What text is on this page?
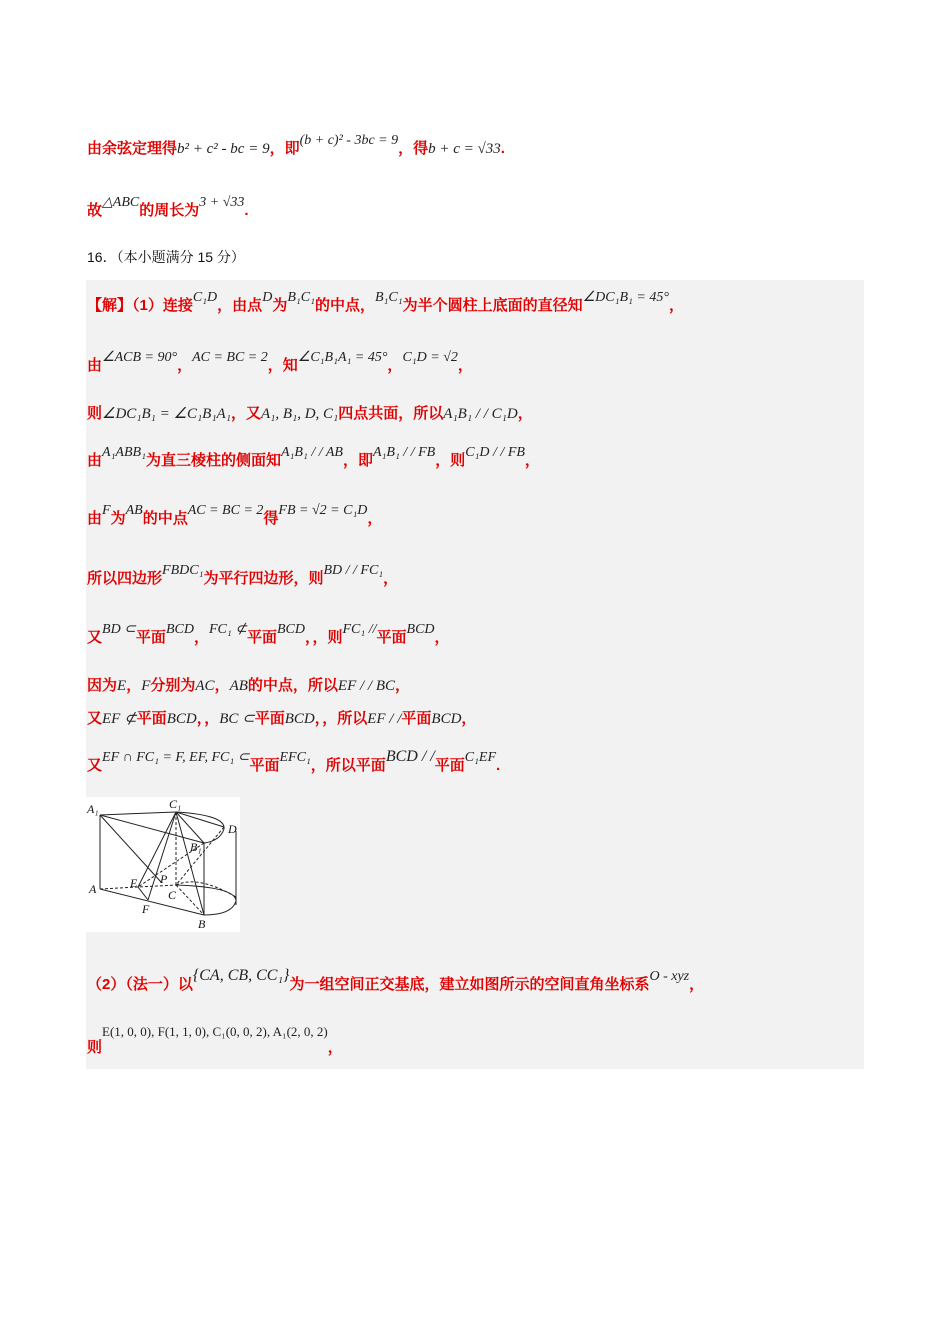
由余弦定理得b² + c² - bc = 9，即(b + c)² - 3bc = 9，得b + c = √33.
故△ABC的周长为3 + √33.
16．（本小题满分 15 分）
【解】（1）连接C₁D，由点D为B₁C₁的中点，B₁C₁为半个圆柱上底面的直径知∠DC₁B₁ = 45°，
由∠ACB = 90°，AC = BC = 2，知∠C₁B₁A₁ = 45°，C₁D = √2，
则∠DC₁B₁ = ∠C₁B₁A₁，又A₁, B₁, D, C₁四点共面，所以A₁B₁ / / C₁D，
由A₁ABB₁为直三棱柱的侧面知A₁B₁ / / AB，即A₁B₁ / / FB，则C₁D / / FB，
由F为AB的中点AC = BC = 2得FB = √2 = C₁D，
所以四边形FBDC₁为平行四边形，则BD / / FC₁，
又BD ⊂平面BCD，FC₁ ⊄平面BCD，，则FC₁ //平面BCD，
因为E，F分别为AC，AB的中点，所以EF / / BC，
又EF ⊄平面BCD，，BC ⊂平面BCD，，所以EF / /平面BCD，
又EF ∩ FC₁ = F, EF, FC₁ ⊂平面EFC₁，所以平面BCD / /平面C₁EF.
A₁
A
C₁
D
B₁
E P
C
F
B
（2）（法一）以{CA, CB, CC₁}为一组空间正交基底，建立如图所示的空间直角坐标系O - xyz，
则E(1, 0, 0), F(1, 1, 0), C₁(0, 0, 2), A₁(2, 0, 2)，
